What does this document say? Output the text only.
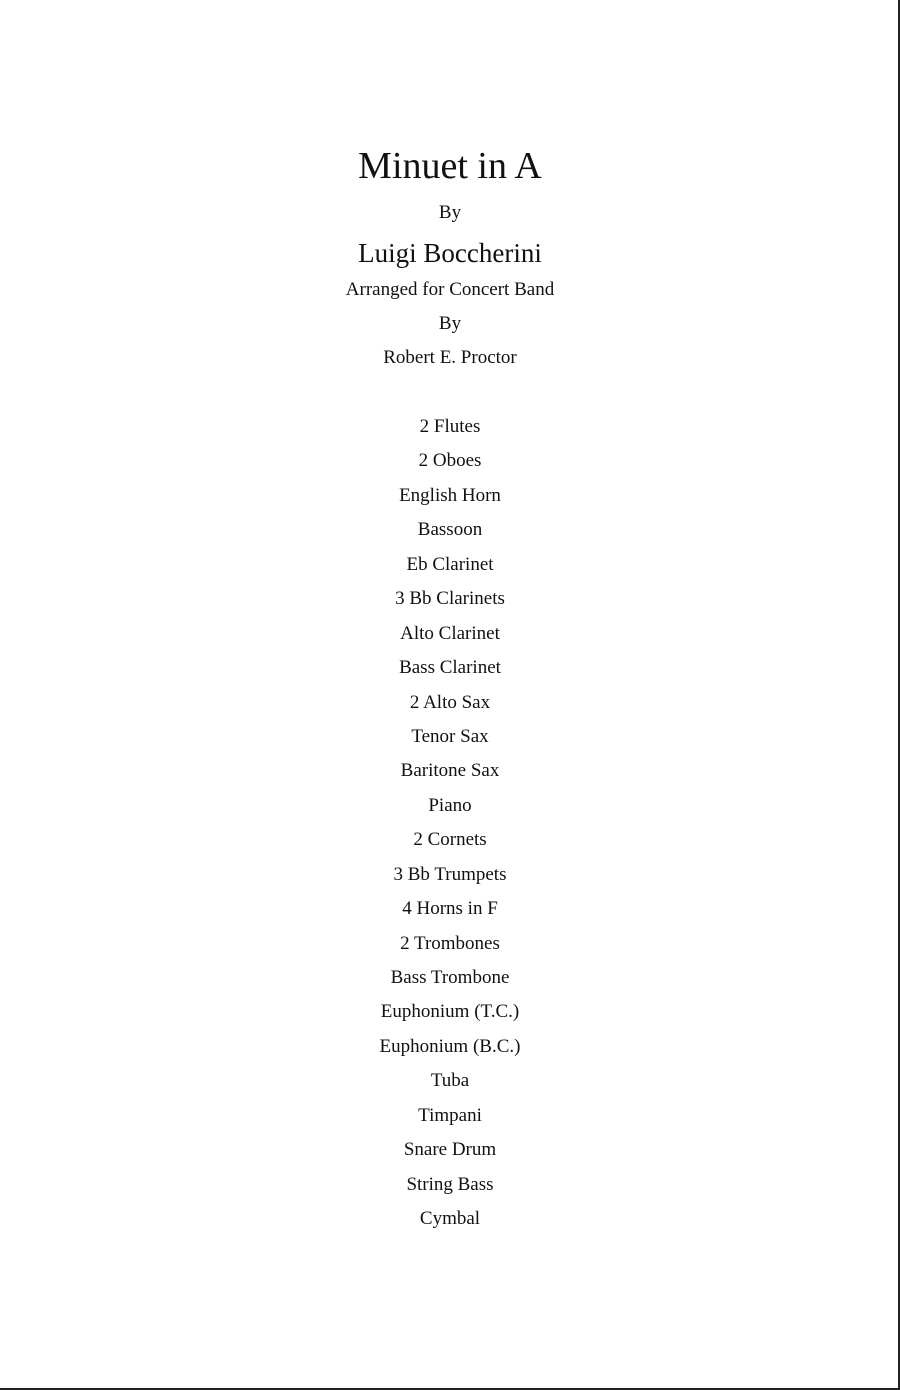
Minuet in A
By
Luigi Boccherini
Arranged for Concert Band
By
Robert E. Proctor
2 Flutes
2 Oboes
English Horn
Bassoon
Eb Clarinet
3 Bb Clarinets
Alto Clarinet
Bass Clarinet
2 Alto Sax
Tenor Sax
Baritone Sax
Piano
2 Cornets
3 Bb Trumpets
4 Horns in F
2 Trombones
Bass Trombone
Euphonium (T.C.)
Euphonium (B.C.)
Tuba
Timpani
Snare Drum
String Bass
Cymbal
